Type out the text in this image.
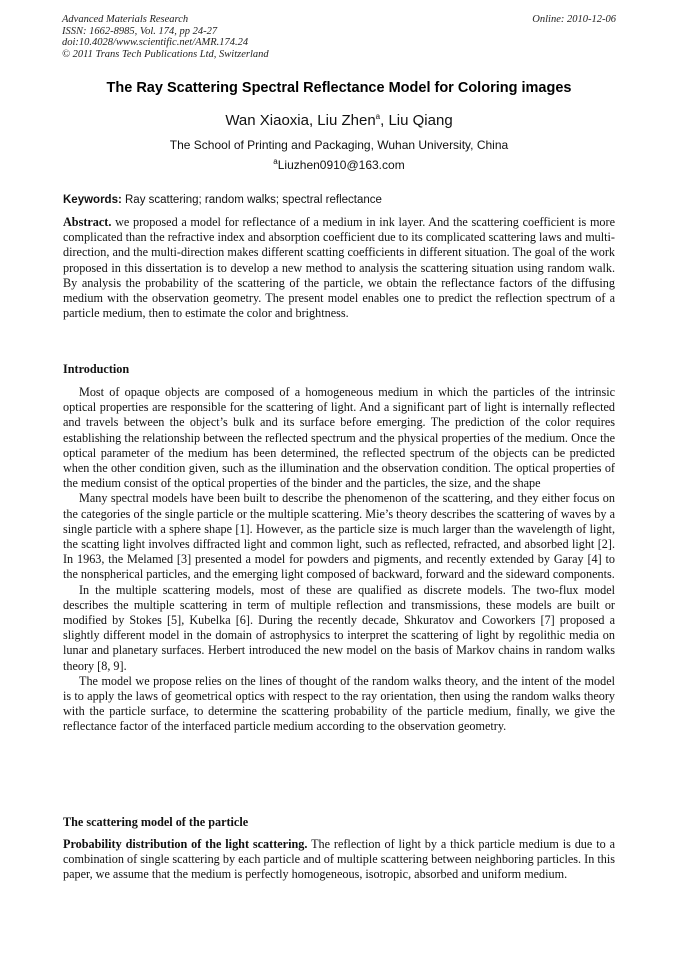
Advanced Materials Research
ISSN: 1662-8985, Vol. 174, pp 24-27
doi:10.4028/www.scientific.net/AMR.174.24
© 2011 Trans Tech Publications Ltd, Switzerland
Online: 2010-12-06
The Ray Scattering Spectral Reflectance Model for Coloring images
Wan Xiaoxia, Liu Zhen$^a$, Liu Qiang
The School of Printing and Packaging, Wuhan University, China
$^a$Liuzhen0910@163.com
Keywords: Ray scattering; random walks; spectral reflectance

Abstract. we proposed a model for reflectance of a medium in ink layer. And the scattering coefficient is more complicated than the refractive index and absorption coefficient due to its complicated scattering laws and multi-direction, and the multi-direction makes different scatting coefficients in different situation. The goal of the work proposed in this dissertation is to develop a new method to analysis the scattering situation using random walk. By analysis the probability of the scattering of the particle, we obtain the reflectance factors of the diffusing medium with the observation geometry. The present model enables one to predict the reflection spectrum of a particle medium, then to estimate the color and brightness.

Introduction

Most of opaque objects are composed of a homogeneous medium in which the particles of the intrinsic optical properties are responsible for the scattering of light. And a significant part of light is internally reflected and travels between the object’s bulk and its surface before emerging. The prediction of the color requires establishing the relationship between the reflected spectrum and the physical properties of the medium. Once the optical parameter of the medium has been determined, the reflected spectrum of the objects can be predicted when the other condition given, such as the illumination and the observation condition. The optical properties of the medium consist of the optical properties of the binder and the particles, the size, and the shape

Many spectral models have been built to describe the phenomenon of the scattering, and they either focus on the categories of the single particle or the multiple scattering. Mie’s theory describes the scattering of waves by a single particle with a sphere shape [1]. However, as the particle size is much larger than the wavelength of light, the scatting light involves diffracted light and common light, such as reflected, refracted, and absorbed light [2]. In 1963, the Melamed [3] presented a model for powders and pigments, and recently extended by Garay [4] to the nonspherical particles, and the emerging light composed of backward, forward and the sideward components.

In the multiple scattering models, most of these are qualified as discrete models. The two-flux model describes the multiple scattering in term of multiple reflection and transmissions, these models are built or modified by Stokes [5], Kubelka [6]. During the recently decade, Shkuratov and Coworkers [7] proposed a slightly different model in the domain of astrophysics to interpret the scattering of light by regolithic media on lunar and planetary surfaces. Herbert introduced the new model on the basis of Markov chains in random walks theory [8, 9].

The model we propose relies on the lines of thought of the random walks theory, and the intent of the model is to apply the laws of geometrical optics with respect to the ray orientation, then using the random walks theory with the particle surface, to determine the scattering probability of the particle medium, finally, we give the reflectance factor of the interfaced particle medium according to the observation geometry.

The scattering model of the particle

Probability distribution of the light scattering. The reflection of light by a thick particle medium is due to a combination of single scattering by each particle and of multiple scattering between neighboring particles. In this paper, we assume that the medium is perfectly homogeneous, isotropic, absorbed and uniform medium.
